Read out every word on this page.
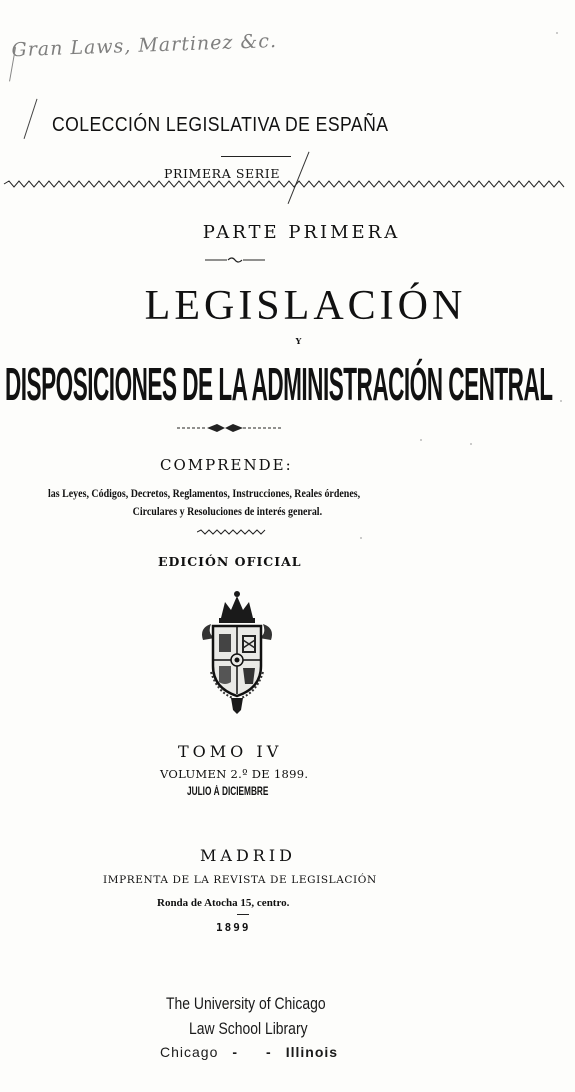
Gran Laws, Martinez &c.
COLECCIÓN LEGISLATIVA DE ESPAÑA
PRIMERA SERIE
PARTE PRIMERA
LEGISLACIÓN
Y
DISPOSICIONES DE LA ADMINISTRACIÓN CENTRAL
COMPRENDE:
las Leyes, Códigos, Decretos, Reglamentos, Instrucciones, Reales órdenes,
Circulares y Resoluciones de interés general.
EDICIÓN OFICIAL
TOMO IV
VOLUMEN 2.º DE 1899.
JULIO Á DICIEMBRE
MADRID
IMPRENTA DE LA REVISTA DE LEGISLACIÓN
Ronda de Atocha 15, centro.
1899
The University of Chicago
Law School Library
Chicago - - Illinois
